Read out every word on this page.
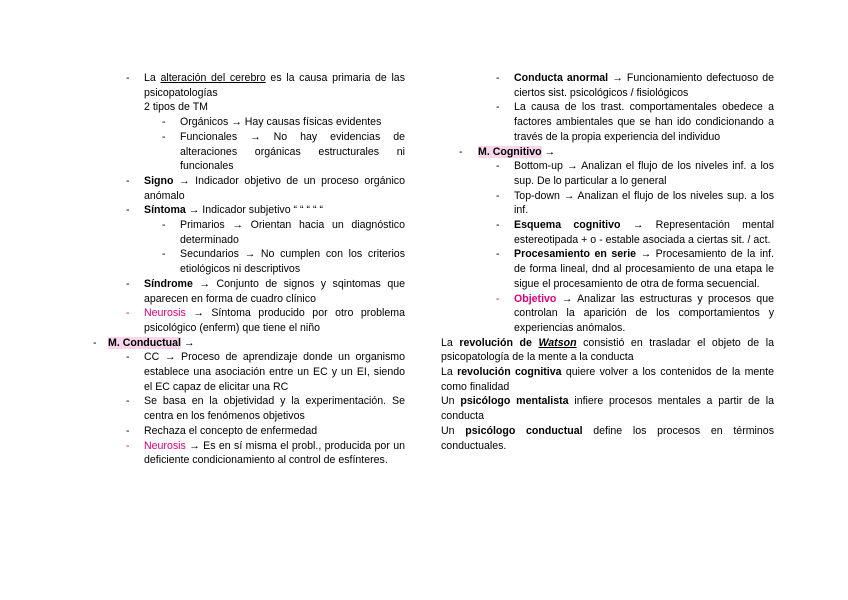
- La alteración del cerebro es la causa primaria de las psicopatologías
2 tipos de TM
- Orgánicos → Hay causas físicas evidentes
- Funcionales → No hay evidencias de alteraciones orgánicas estructurales ni funcionales
- Signo → Indicador objetivo de un proceso orgánico anómalo
- Síntoma → Indicador subjetivo “ “ “ “ “
- Primarios → Orientan hacia un diagnóstico determinado
- Secundarios → No cumplen con los criterios etiológicos ni descriptivos
- Síndrome → Conjunto de signos y sqintomas que aparecen en forma de cuadro clínico
- Neurosis → Síntoma producido por otro problema psicológico (enferm) que tiene el niño
- M. Conductual →
- CC → Proceso de aprendizaje donde un organismo establece una asociación entre un EC y un EI, siendo el EC capaz de elicitar una RC
- Se basa en la objetividad y la experimentación. Se centra en los fenómenos objetivos
- Rechaza el concepto de enfermedad
- Neurosis → Es en sí misma el probl., producida por un deficiente condicionamiento al control de esfínteres.
- Conducta anormal → Funcionamiento defectuoso de ciertos sist. psicológicos / fisiológicos
- La causa de los trast. comportamentales obedece a factores ambientales que se han ido condicionando a través de la propia experiencia del individuo
- M. Cognitivo →
- Bottom-up → Analizan el flujo de los niveles inf. a los sup. De lo particular a lo general
- Top-down → Analizan el flujo de los niveles sup. a los inf.
- Esquema cognitivo → Representación mental estereotipada + o - estable asociada a ciertas sit. / act.
- Procesamiento en serie → Procesamiento de la inf. de forma lineal, dnd al procesamiento de una etapa le sigue el procesamiento de otra de forma secuencial.
- Objetivo → Analizar las estructuras y procesos que controlan la aparición de los comportamientos y experiencias anómalos.
La revolución de Watson consistió en trasladar el objeto de la psicopatología de la mente a la conducta
La revolución cognitiva quiere volver a los contenidos de la mente como finalidad
Un psicólogo mentalista infiere procesos mentales a partir de la conducta
Un psicólogo conductual define los procesos en términos conductuales.
